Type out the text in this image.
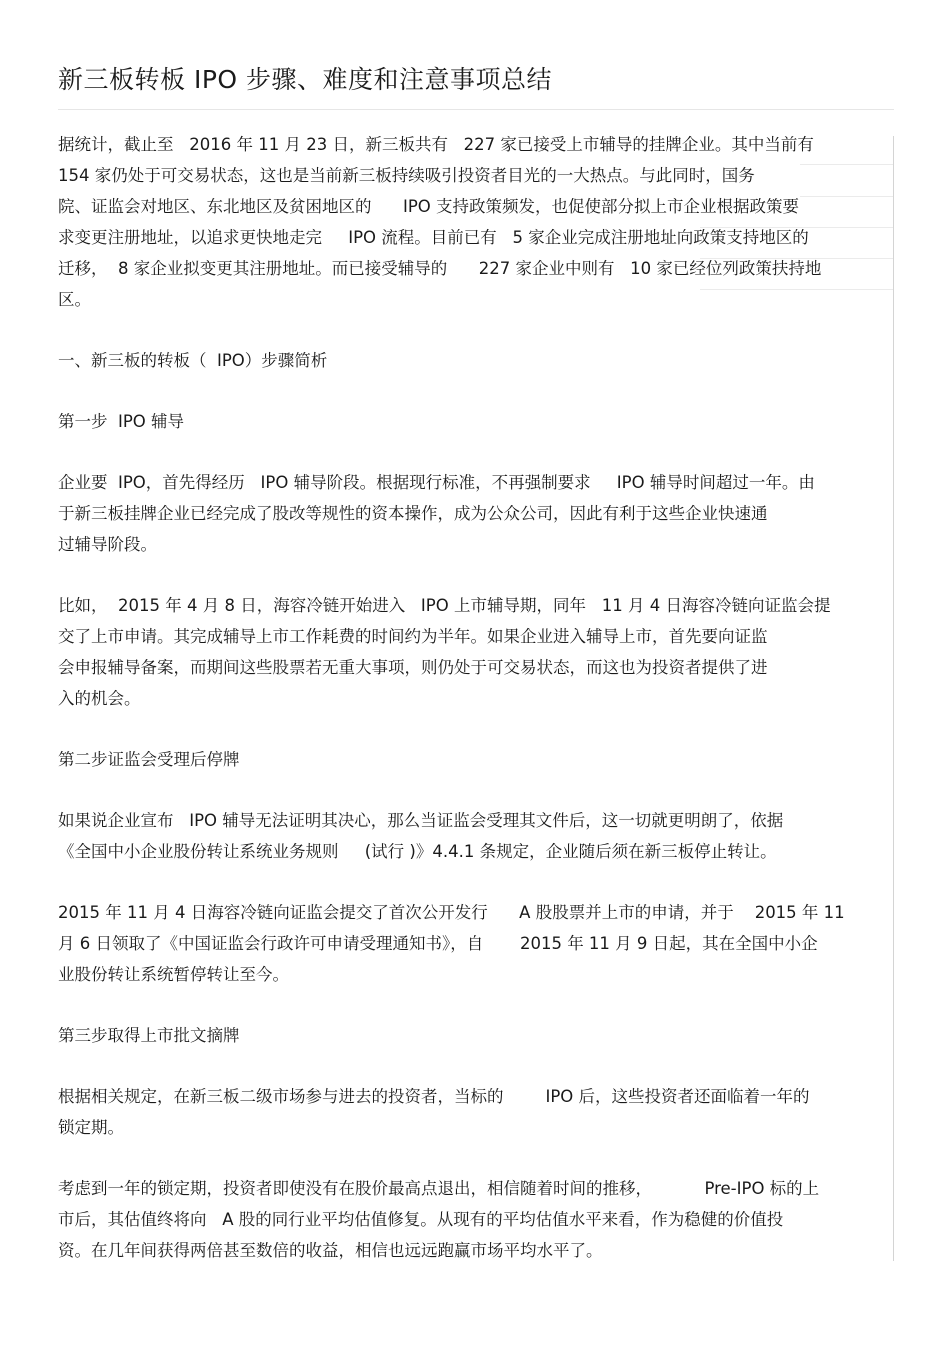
新三板转板 IPO 步骤、难度和注意事项总结

据统计，截止至   2016 年 11 月 23 日，新三板共有   227 家已接受上市辅导的挂牌企业。其中当前有
154 家仍处于可交易状态，这也是当前新三板持续吸引投资者目光的一大热点。与此同时，国务
院、证监会对地区、东北地区及贫困地区的      IPO 支持政策频发，也促使部分拟上市企业根据政策要
求变更注册地址，以追求更快地走完     IPO 流程。目前已有   5 家企业完成注册地址向政策支持地区的
迁移，  8 家企业拟变更其注册地址。而已接受辅导的      227 家企业中则有   10 家已经位列政策扶持地
区。

一、新三板的转板（  IPO）步骤简析

第一步  IPO 辅导

企业要  IPO，首先得经历   IPO 辅导阶段。根据现行标准，不再强制要求     IPO 辅导时间超过一年。由
于新三板挂牌企业已经完成了股改等规性的资本操作，成为公众公司，因此有利于这些企业快速通
过辅导阶段。

比如，  2015 年 4 月 8 日，海容冷链开始进入   IPO 上市辅导期，同年   11 月 4 日海容冷链向证监会提
交了上市申请。其完成辅导上市工作耗费的时间约为半年。如果企业进入辅导上市，首先要向证监
会申报辅导备案，而期间这些股票若无重大事项，则仍处于可交易状态，而这也为投资者提供了进
入的机会。

第二步证监会受理后停牌

如果说企业宣布   IPO 辅导无法证明其决心，那么当证监会受理其文件后，这一切就更明朗了，依据
《全国中小企业股份转让系统业务规则     (试行 )》4.4.1 条规定，企业随后须在新三板停止转让。

2015 年 11 月 4 日海容冷链向证监会提交了首次公开发行      A 股股票并上市的申请，并于    2015 年 11
月 6 日领取了《中国证监会行政许可申请受理通知书》，自       2015 年 11 月 9 日起，其在全国中小企
业股份转让系统暂停转让至今。

第三步取得上市批文摘牌

根据相关规定，在新三板二级市场参与进去的投资者，当标的        IPO 后，这些投资者还面临着一年的
锁定期。

考虑到一年的锁定期，投资者即使没有在股价最高点退出，相信随着时间的推移，          Pre-IPO 标的上
市后，其估值终将向   A 股的同行业平均估值修复。从现有的平均估值水平来看，作为稳健的价值投
资。在几年间获得两倍甚至数倍的收益，相信也远远跑赢市场平均水平了。
